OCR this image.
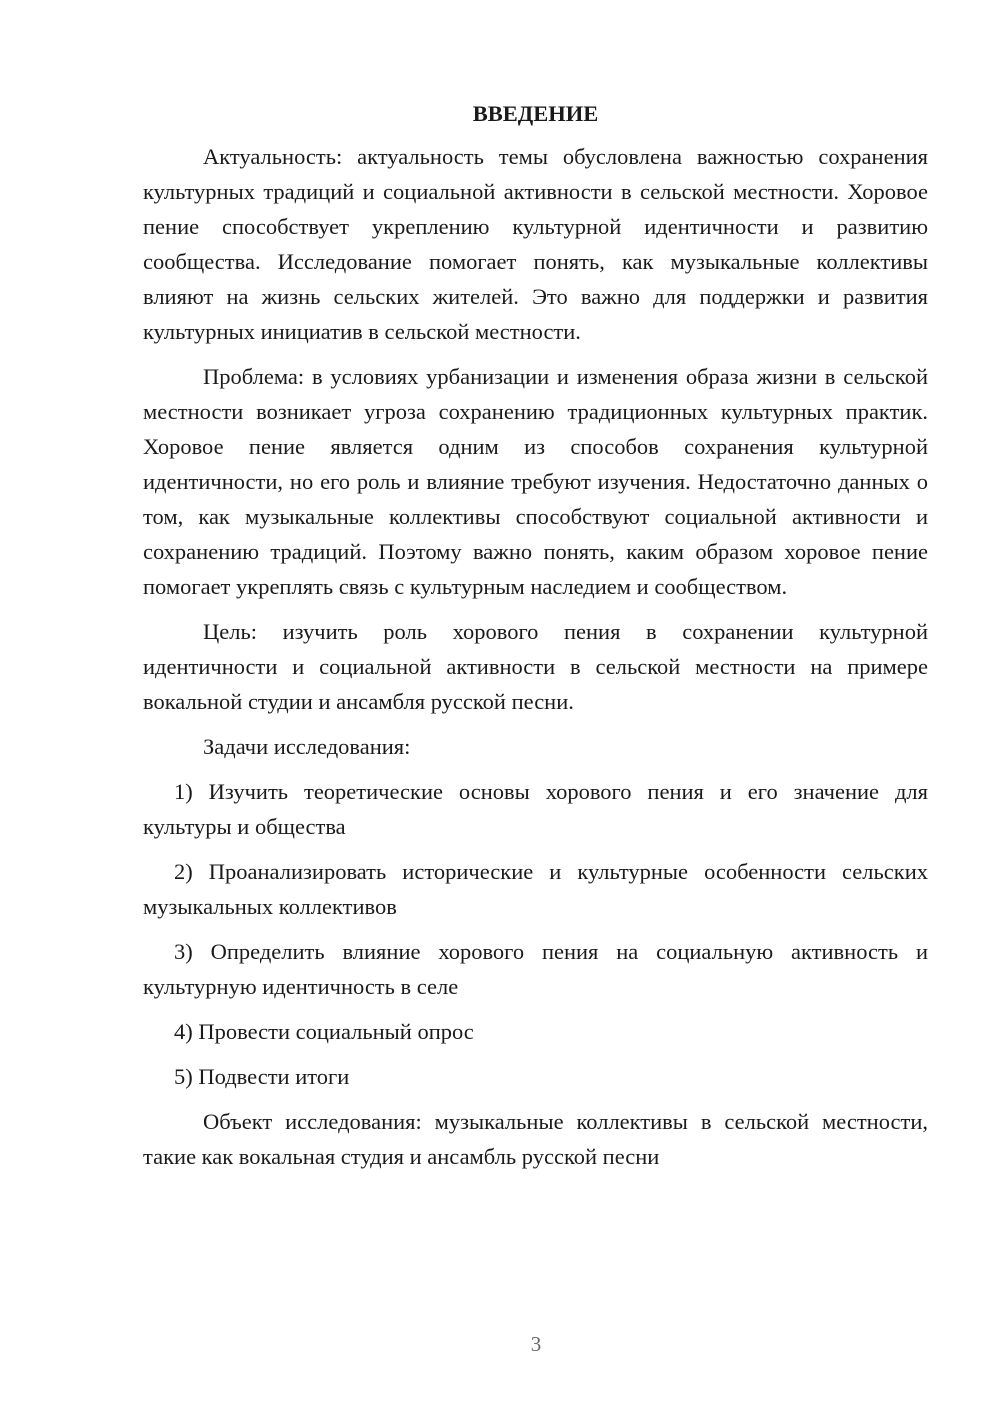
ВВЕДЕНИЕ

Актуальность: актуальность темы обусловлена важностью сохранения культурных традиций и социальной активности в сельской местности. Хоровое пение способствует укреплению культурной идентичности и развитию сообщества. Исследование помогает понять, как музыкальные коллективы влияют на жизнь сельских жителей. Это важно для поддержки и развития культурных инициатив в сельской местности.

Проблема: в условиях урбанизации и изменения образа жизни в сельской местности возникает угроза сохранению традиционных культурных практик. Хоровое пение является одним из способов сохранения культурной идентичности, но его роль и влияние требуют изучения. Недостаточно данных о том, как музыкальные коллективы способствуют социальной активности и сохранению традиций. Поэтому важно понять, каким образом хоровое пение помогает укреплять связь с культурным наследием и сообществом.

Цель: изучить роль хорового пения в сохранении культурной идентичности и социальной активности в сельской местности на примере вокальной студии и ансамбля русской песни.

Задачи исследования:

1) Изучить теоретические основы хорового пения и его значение для культуры и общества

2) Проанализировать исторические и культурные особенности сельских музыкальных коллективов

3) Определить влияние хорового пения на социальную активность и культурную идентичность в селе

4) Провести социальный опрос

5) Подвести итоги

Объект исследования: музыкальные коллективы в сельской местности, такие как вокальная студия и ансамбль русской песни

3
